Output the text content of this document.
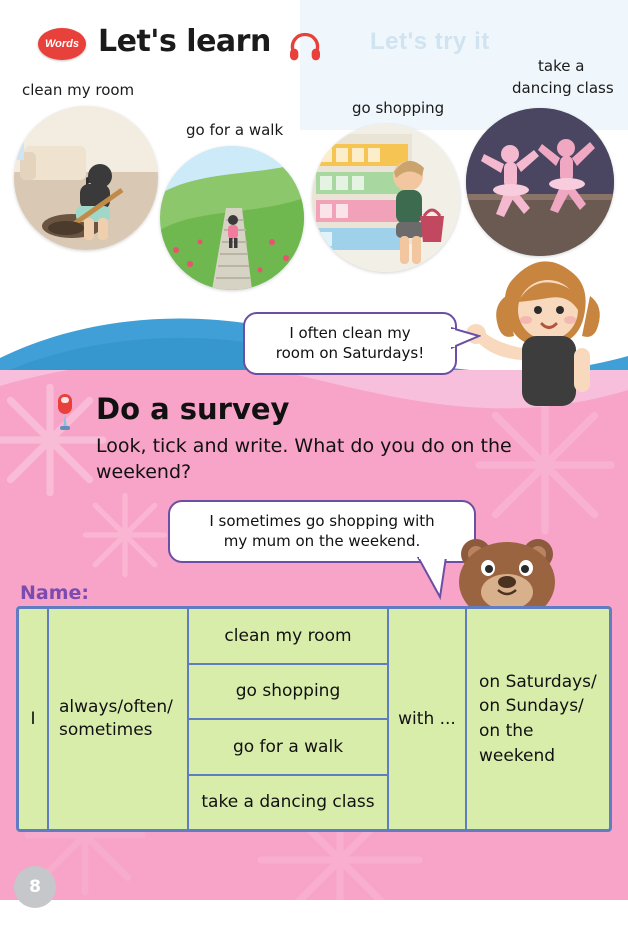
Let's try it
Words Let's learn
clean my room
go for a walk
go shopping
take a
dancing class
I often clean my
room on Saturdays!
Do a survey
Look, tick and write. What do you do on the weekend?
I sometimes go shopping with
my mum on the weekend.
Name:
I
always/often/
sometimes
clean my room
go shopping
go for a walk
take a dancing class
with ...
on Saturdays/
on Sundays/
on the weekend
8
